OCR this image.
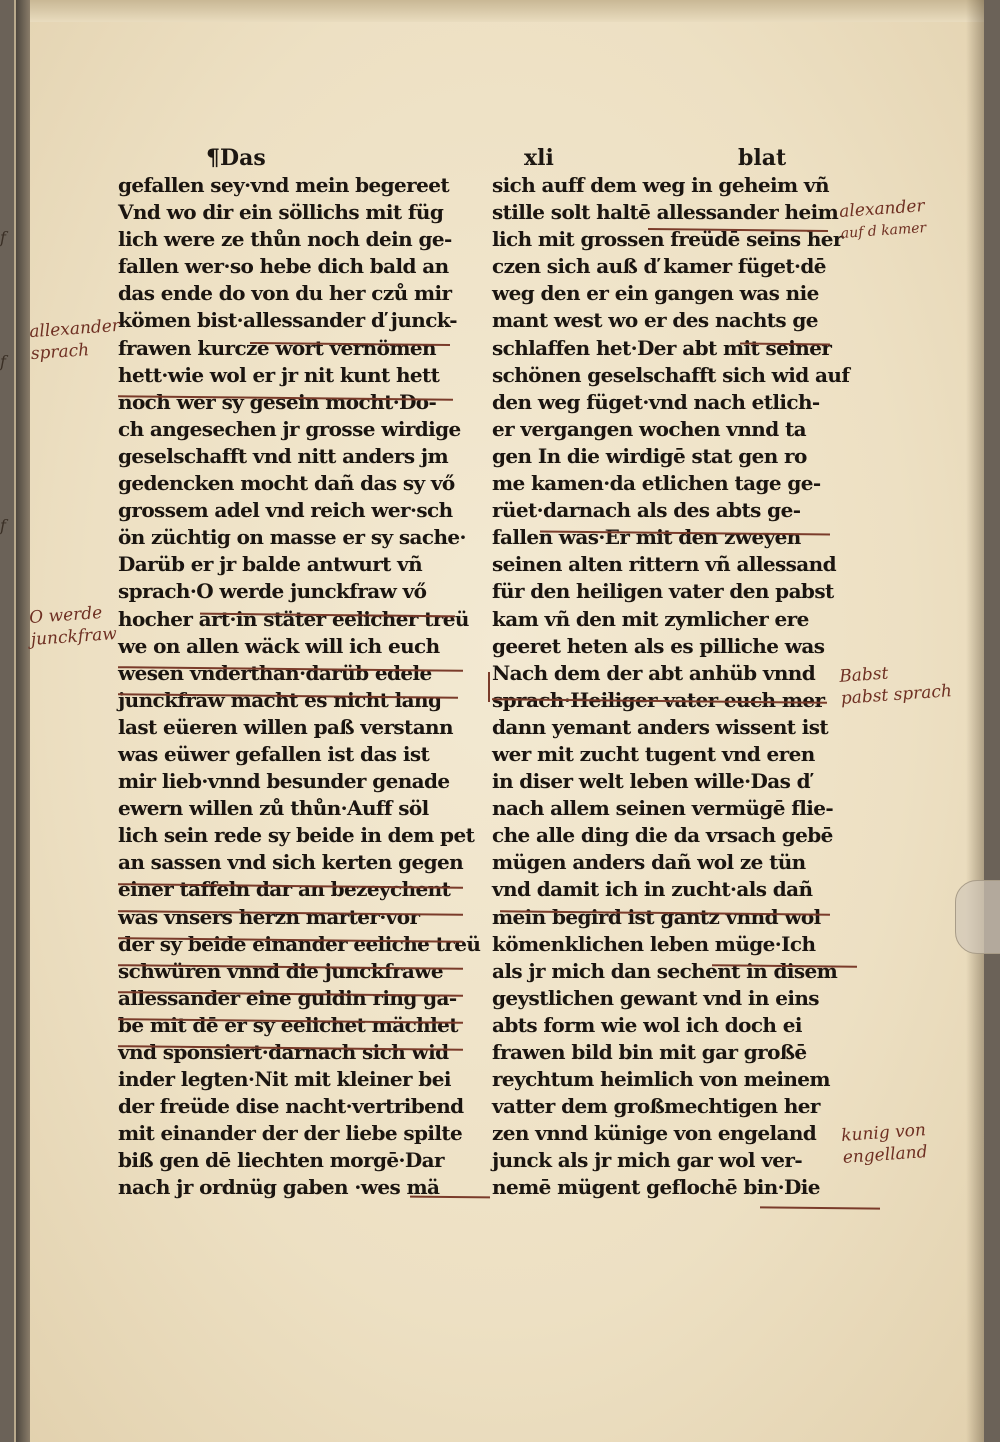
f
f
f
¶Das	xli	blat
gefallen sey·vnd mein begereet
Vnd wo dir ein söllichs mit füg
lich were ze thůn noch dein ge-
fallen wer·so hebe dich bald an
das ende do von du her czů mir
kömen bist·allessander ď junck-
frawen kurcze wort vernömen
hett·wie wol er jr nit kunt hett
noch wer sy gesein mocht·Do-
ch angesechen jr grosse wirdige
geselschafft vnd nitt anders jm
gedencken mocht dañ das sy vő
grossem adel vnd reich wer·sch
ön züchtig on masse er sy sache·
Darüb er jr balde antwurt vñ
sprach·O werde junckfraw vő
hocher art·in stäter eelicher treü
we on allen wäck will ich euch
wesen vnderthan·darüb edele
junckfraw macht es nicht lang
last eüeren willen paß verstann
was eüwer gefallen ist das ist
mir lieb·vnnd besunder genade
ewern willen zů thůn·Auff söl
lich sein rede sy beide in dem pet
an sassen vnd sich kerten gegen
einer taffeln dar an bezeychent
was vnsers herzn marter·vor
der sy beide einander eeliche treü
schwüren vnnd die junckfrawe
allessander eine guldin ring ga-
be mit dē er sy eelichet mächlet
vnd sponsiert·darnach sich wid
inder legten·Nit mit kleiner bei
der freüde dise nacht·vertribend
mit einander der der liebe spilte
biß gen dē liechten morgē·Dar
nach jr ordnüg gaben ·wes mä
sich auff dem weg in geheim vñ
stille solt haltē allessander heim
lich mit grossen freüdē seins her
czen sich auß ď kamer füget·dē
weg den er ein gangen was nie
mant west wo er des nachts ge
schlaffen het·Der abt mit seiner
schönen geselschafft sich wid auf
den weg füget·vnd nach etlich-
er vergangen wochen vnnd ta
gen In die wirdigē stat gen ro
me kamen·da etlichen tage ge-
rüet·darnach als des abts ge-
fallen was·Er mit den zweyen
seinen alten rittern vñ allessand
für den heiligen vater den pabst
kam vñ den mit zymlicher ere
geeret heten als es pilliche was
Nach dem der abt anhüb vnnd
sprach·Heiliger vater euch mer
dann yemant anders wissent ist
wer mit zucht tugent vnd eren
in diser welt leben wille·Das ď
nach allem seinen vermügē flie-
che alle ding die da vrsach gebē
mügen anders dañ wol ze tün
vnd damit ich in zucht·als dañ
mein begird ist gantz vnnd wol
kömenklichen leben müge·Ich
als jr mich dan sechent in disem
geystlichen gewant vnd in eins
abts form wie wol ich doch ei
frawen bild bin mit gar großē
reychtum heimlich von meinem
vatter dem großmechtigen her
zen vnnd künige von engeland
junck als jr mich gar wol ver-
nemē mügent geflochē bin·Die
allexander
sprach
O werde
junckfraw
alexander
auf d kamer
Babst
pabst sprach
kunig von
engelland
